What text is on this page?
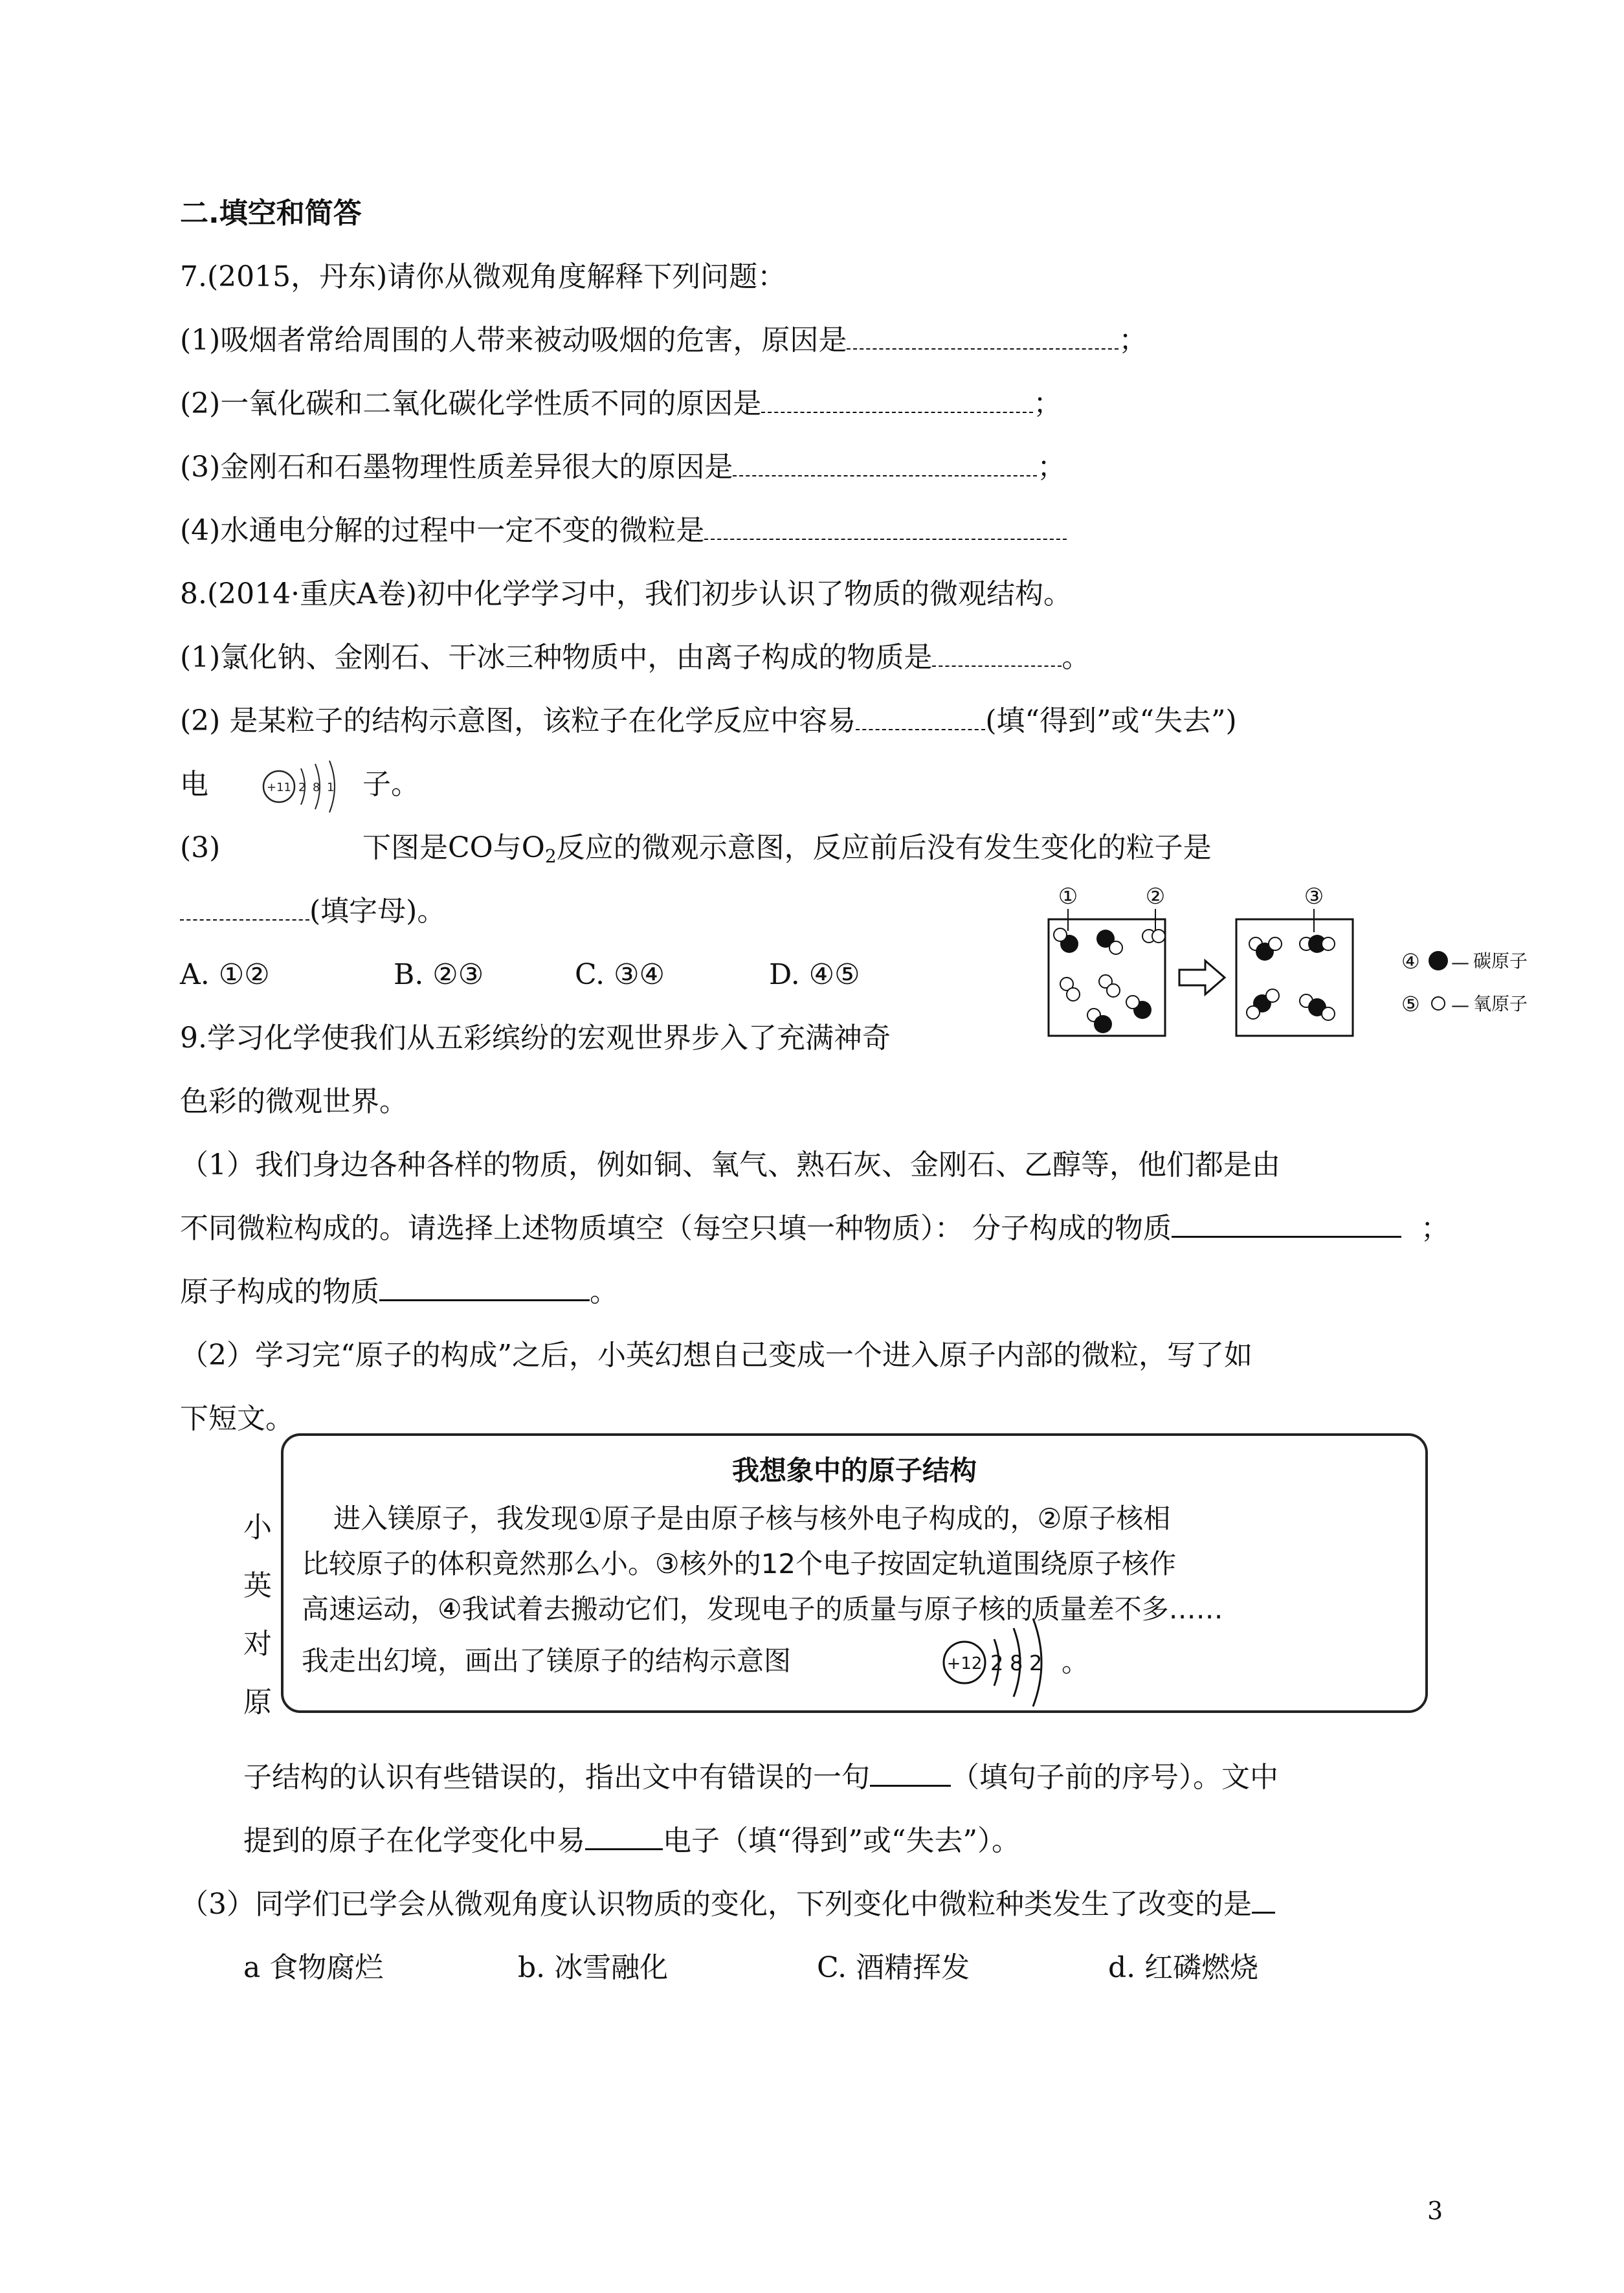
二.填空和简答
7.(2015，丹东)请你从微观角度解释下列问题：
(1)吸烟者常给周围的人带来被动吸烟的危害，原因是	；
(2)一氧化碳和二氧化碳化学性质不同的原因是	；
(3)金刚石和石墨物理性质差异很大的原因是	；
(4)水通电分解的过程中一定不变的微粒是
8.(2014·重庆A卷)初中化学学习中，我们初步认识了物质的微观结构。
(1)氯化钠、金刚石、干冰三种物质中，由离子构成的物质是	。
(2) 是某粒子的结构示意图，该粒子在化学反应中容易	(填“得到”或“失去”)
电	子。
+11 2 8 1
(3)	下图是CO与$O_2$反应的微观示意图，反应前后没有发生变化的粒子是
(填字母)。
A. ①②	B. ②③	C. ③④	D. ④⑤
①	②	③
④ — 碳原子
⑤ — 氧原子
9.学习化学使我们从五彩缤纷的宏观世界步入了充满神奇
色彩的微观世界。
（1）我们身边各种各样的物质，例如铜、氧气、熟石灰、金刚石、乙醇等，他们都是由
不同微粒构成的。请选择上述物质填空（每空只填一种物质）： 分子构成的物质	；
原子构成的物质	。
（2）学习完“原子的构成”之后，小英幻想自己变成一个进入原子内部的微粒，写了如
下短文。
小
英
对
原
我想象中的原子结构
进入镁原子，我发现①原子是由原子核与核外电子构成的，②原子核相
比较原子的体积竟然那么小。③核外的12个电子按固定轨道围绕原子核作
高速运动，④我试着去搬动它们，发现电子的质量与原子核的质量差不多……
我走出幻境，画出了镁原子的结构示意图	+12 2 8 2 。
子结构的认识有些错误的，指出文中有错误的一句	（填句子前的序号）。文中
提到的原子在化学变化中易	电子（填“得到”或“失去”）。
（3）同学们已学会从微观角度认识物质的变化，下列变化中微粒种类发生了改变的是
a 食物腐烂	b. 冰雪融化	C. 酒精挥发	d. 红磷燃烧
3
